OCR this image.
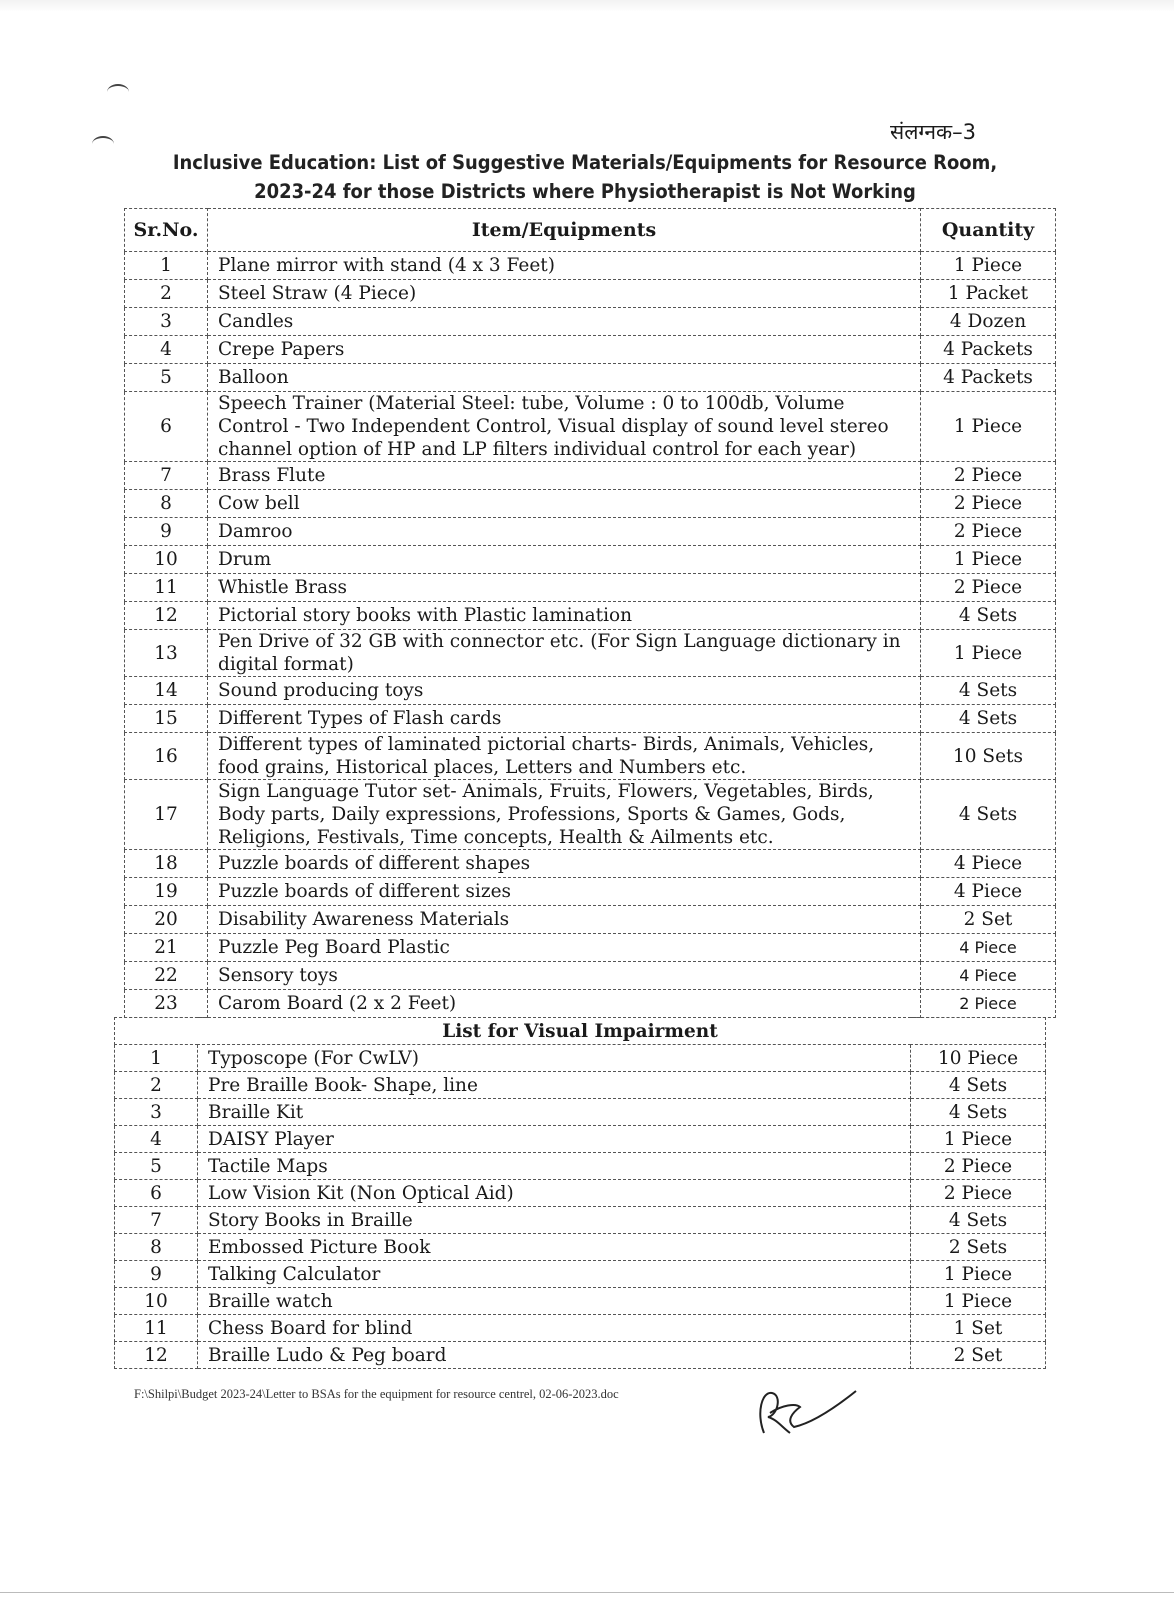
संलग्नक–3
Inclusive Education: List of Suggestive Materials/Equipments for Resource Room,
2023-24 for those Districts where Physiotherapist is Not Working
Sr.No.	Item/Equipments	Quantity
1	Plane mirror with stand (4 x 3 Feet)	1 Piece
2	Steel Straw (4 Piece)	1 Packet
3	Candles	4 Dozen
4	Crepe Papers	4 Packets
5	Balloon	4 Packets
6	Speech Trainer (Material Steel: tube, Volume : 0 to 100db, Volume Control - Two Independent Control, Visual display of sound level stereo channel option of HP and LP filters individual control for each year)	1 Piece
7	Brass Flute	2 Piece
8	Cow bell	2 Piece
9	Damroo	2 Piece
10	Drum	1 Piece
11	Whistle Brass	2 Piece
12	Pictorial story books with Plastic lamination	4 Sets
13	Pen Drive of 32 GB with connector etc. (For Sign Language dictionary in digital format)	1 Piece
14	Sound producing toys	4 Sets
15	Different Types of Flash cards	4 Sets
16	Different types of laminated pictorial charts- Birds, Animals, Vehicles, food grains, Historical places, Letters and Numbers etc.	10 Sets
17	Sign Language Tutor set- Animals, Fruits, Flowers, Vegetables, Birds, Body parts, Daily expressions, Professions, Sports & Games, Gods, Religions, Festivals, Time concepts, Health & Ailments etc.	4 Sets
18	Puzzle boards of different shapes	4 Piece
19	Puzzle boards of different sizes	4 Piece
20	Disability Awareness Materials	2 Set
21	Puzzle Peg Board Plastic	4 Piece
22	Sensory toys	4 Piece
23	Carom Board (2 x 2 Feet)	2 Piece
List for Visual Impairment		
1	Typoscope (For CwLV)	10 Piece
2	Pre Braille Book- Shape, line	4 Sets
3	Braille Kit	4 Sets
4	DAISY Player	1 Piece
5	Tactile Maps	2 Piece
6	Low Vision Kit (Non Optical Aid)	2 Piece
7	Story Books in Braille	4 Sets
8	Embossed Picture Book	2 Sets
9	Talking Calculator	1 Piece
10	Braille watch	1 Piece
11	Chess Board for blind	1 Set
12	Braille Ludo & Peg board	2 Set
F:\Shilpi\Budget 2023-24\Letter to BSAs for the equipment for resource centrel, 02-06-2023.doc
